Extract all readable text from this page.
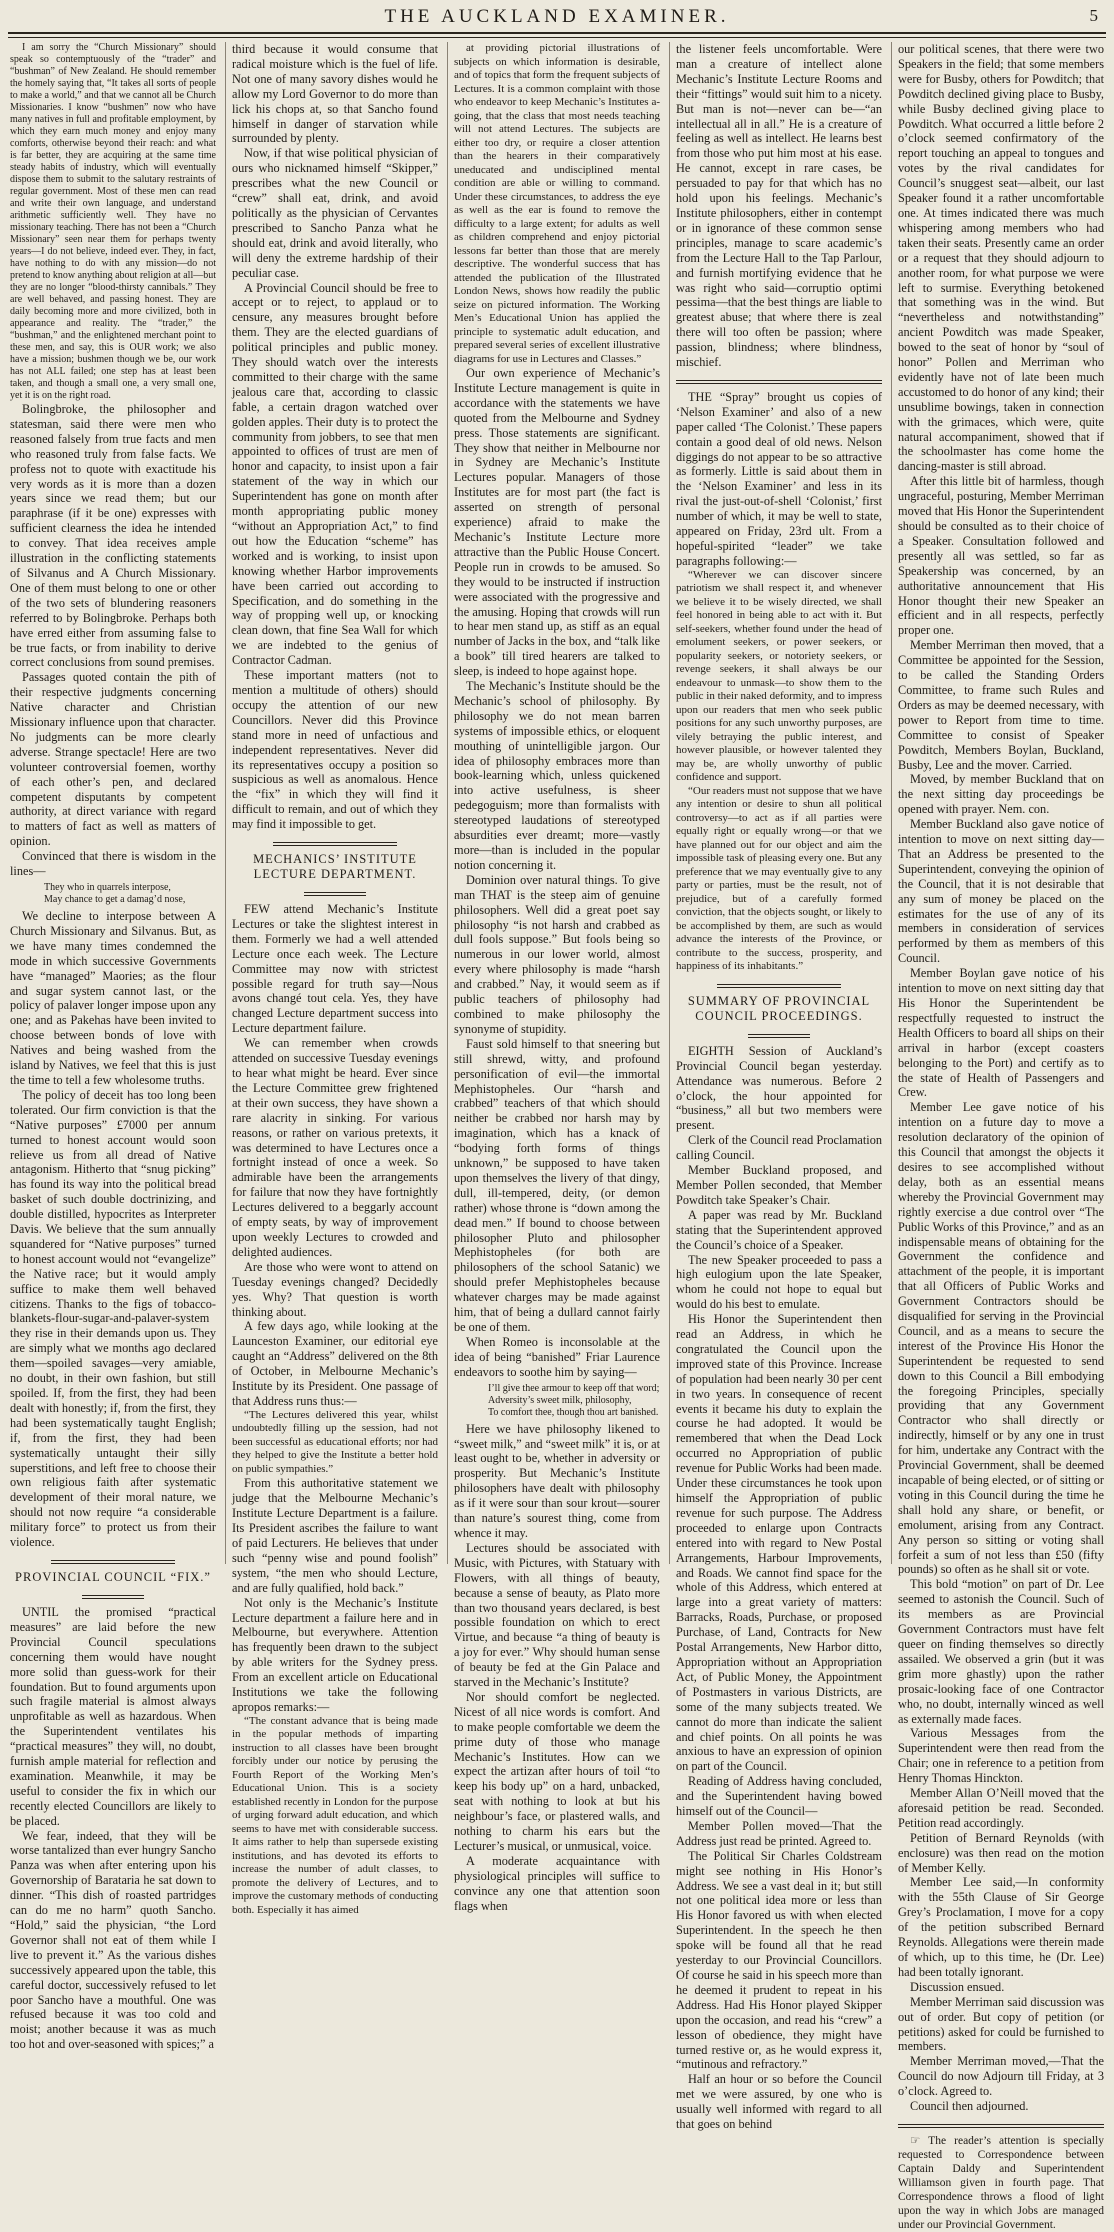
THE AUCKLAND EXAMINER.	5

I am sorry the “Church Missionary” should speak so contemptuously of the “trader” and “bushman” of New Zealand. He should remember the homely saying that, “It takes all sorts of people to make a world,” and that we cannot all be Church Missionaries. I know “bushmen” now who have many natives in full and profitable employment, by which they earn much money and enjoy many comforts, otherwise beyond their reach: and what is far better, they are acquiring at the same time steady habits of industry, which will eventually dispose them to submit to the salutary restraints of regular government. Most of these men can read and write their own language, and understand arithmetic sufficiently well. They have no missionary teaching. There has not been a “Church Missionary” seen near them for perhaps twenty years—I do not believe, indeed ever. They, in fact, have nothing to do with any mission—do not pretend to know anything about religion at all—but they are no longer “blood-thirsty cannibals.” They are well behaved, and passing honest. They are daily becoming more and more civilized, both in appearance and reality. The “trader,” the “bushman,” and the enlightened merchant point to these men, and say, this is OUR work; we also have a mission; bushmen though we be, our work has not ALL failed; one step has at least been taken, and though a small one, a very small one, yet it is on the right road.

Bolingbroke, the philosopher and statesman, said there were men who reasoned falsely from true facts and men who reasoned truly from false facts. We profess not to quote with exactitude his very words as it is more than a dozen years since we read them; but our paraphrase (if it be one) expresses with sufficient clearness the idea he intended to convey. That idea receives ample illustration in the conflicting statements of Silvanus and A Church Missionary. One of them must belong to one or other of the two sets of blundering reasoners referred to by Bolingbroke. Perhaps both have erred either from assuming false to be true facts, or from inability to derive correct conclusions from sound premises.

Passages quoted contain the pith of their respective judgments concerning Native character and Christian Missionary influence upon that character. No judgments can be more clearly adverse. Strange spectacle! Here are two volunteer controversial foemen, worthy of each other’s pen, and declared competent disputants by competent authority, at direct variance with regard to matters of fact as well as matters of opinion.

Convinced that there is wisdom in the lines—

They who in quarrels interpose,
May chance to get a damag’d nose,

We decline to interpose between A Church Missionary and Silvanus. But, as we have many times condemned the mode in which successive Governments have “managed” Maories; as the flour and sugar system cannot last, or the policy of palaver longer impose upon any one; and as Pakehas have been invited to choose between bonds of love with Natives and being washed from the island by Natives, we feel that this is just the time to tell a few wholesome truths.

The policy of deceit has too long been tolerated. Our firm conviction is that the “Native purposes” £7000 per annum turned to honest account would soon relieve us from all dread of Native antagonism. Hitherto that “snug picking” has found its way into the political bread basket of such double doctrinizing, and double distilled, hypocrites as Interpreter Davis. We believe that the sum annually squandered for “Native purposes” turned to honest account would not “evangelize” the Native race; but it would amply suffice to make them well behaved citizens. Thanks to the figs of tobacco-blankets-flour-sugar-and-palaver-system they rise in their demands upon us. They are simply what we months ago declared them—spoiled savages—very amiable, no doubt, in their own fashion, but still spoiled. If, from the first, they had been dealt with honestly; if, from the first, they had been systematically taught English; if, from the first, they had been systematically untaught their silly superstitions, and left free to choose their own religious faith after systematic development of their moral nature, we should not now require “a considerable military force” to protect us from their violence.

PROVINCIAL COUNCIL “FIX.”

UNTIL the promised “practical measures” are laid before the new Provincial Council speculations concerning them would have nought more solid than guess-work for their foundation. But to found arguments upon such fragile material is almost always unprofitable as well as hazardous. When the Superintendent ventilates his “practical measures” they will, no doubt, furnish ample material for reflection and examination. Meanwhile, it may be useful to consider the fix in which our recently elected Councillors are likely to be placed.

We fear, indeed, that they will be worse tantalized than ever hungry Sancho Panza was when after entering upon his Governorship of Barataria he sat down to dinner. “This dish of roasted partridges can do me no harm” quoth Sancho. “Hold,” said the physician, “the Lord Governor shall not eat of them while I live to prevent it.” As the various dishes successively appeared upon the table, this careful doctor, successively refused to let poor Sancho have a mouthful. One was refused because it was too cold and moist; another because it was as much too hot and over-seasoned with spices;” a

third because it would consume that radical moisture which is the fuel of life. Not one of many savory dishes would he allow my Lord Governor to do more than lick his chops at, so that Sancho found himself in danger of starvation while surrounded by plenty.

Now, if that wise political physician of ours who nicknamed himself “Skipper,” prescribes what the new Council or “crew” shall eat, drink, and avoid politically as the physician of Cervantes prescribed to Sancho Panza what he should eat, drink and avoid literally, who will deny the extreme hardship of their peculiar case.

A Provincial Council should be free to accept or to reject, to applaud or to censure, any measures brought before them. They are the elected guardians of political principles and public money. They should watch over the interests committed to their charge with the same jealous care that, according to classic fable, a certain dragon watched over golden apples. Their duty is to protect the community from jobbers, to see that men appointed to offices of trust are men of honor and capacity, to insist upon a fair statement of the way in which our Superintendent has gone on month after month appropriating public money “without an Appropriation Act,” to find out how the Education “scheme” has worked and is working, to insist upon knowing whether Harbor improvements have been carried out according to Specification, and do something in the way of propping well up, or knocking clean down, that fine Sea Wall for which we are indebted to the genius of Contractor Cadman.

These important matters (not to mention a multitude of others) should occupy the attention of our new Councillors. Never did this Province stand more in need of unfactious and independent representatives. Never did its representatives occupy a position so suspicious as well as anomalous. Hence the “fix” in which they will find it difficult to remain, and out of which they may find it impossible to get.

MECHANICS’ INSTITUTE LECTURE DEPARTMENT.

FEW attend Mechanic’s Institute Lectures or take the slightest interest in them. Formerly we had a well attended Lecture once each week. The Lecture Committee may now with strictest possible regard for truth say—Nous avons changé tout cela. Yes, they have changed Lecture department success into Lecture department failure.

We can remember when crowds attended on successive Tuesday evenings to hear what might be heard. Ever since the Lecture Committee grew frightened at their own success, they have shown a rare alacrity in sinking. For various reasons, or rather on various pretexts, it was determined to have Lectures once a fortnight instead of once a week. So admirable have been the arrangements for failure that now they have fortnightly Lectures delivered to a beggarly account of empty seats, by way of improvement upon weekly Lectures to crowded and delighted audiences.

Are those who were wont to attend on Tuesday evenings changed? Decidedly yes. Why? That question is worth thinking about.

A few days ago, while looking at the Launceston Examiner, our editorial eye caught an “Address” delivered on the 8th of October, in Melbourne Mechanic’s Institute by its President. One passage of that Address runs thus:—

“The Lectures delivered this year, whilst undoubtedly filling up the session, had not been successful as educational efforts; nor had they helped to give the Institute a better hold on public sympathies.”

From this authoritative statement we judge that the Melbourne Mechanic’s Institute Lecture Department is a failure. Its President ascribes the failure to want of paid Lecturers. He believes that under such “penny wise and pound foolish” system, “the men who should Lecture, and are fully qualified, hold back.”

Not only is the Mechanic’s Institute Lecture department a failure here and in Melbourne, but everywhere. Attention has frequently been drawn to the subject by able writers for the Sydney press. From an excellent article on Educational Institutions we take the following apropos remarks:—

“The constant advance that is being made in the popular methods of imparting instruction to all classes have been brought forcibly under our notice by perusing the Fourth Report of the Working Men’s Educational Union. This is a society established recently in London for the purpose of urging forward adult education, and which seems to have met with considerable success. It aims rather to help than supersede existing institutions, and has devoted its efforts to increase the number of adult classes, to promote the delivery of Lectures, and to improve the customary methods of conducting both. Especially it has aimed

at providing pictorial illustrations of subjects on which information is desirable, and of topics that form the frequent subjects of Lectures. It is a common complaint with those who endeavor to keep Mechanic’s Institutes a-going, that the class that most needs teaching will not attend Lectures. The subjects are either too dry, or require a closer attention than the hearers in their comparatively uneducated and undisciplined mental condition are able or willing to command. Under these circumstances, to address the eye as well as the ear is found to remove the difficulty to a large extent; for adults as well as children comprehend and enjoy pictorial lessons far better than those that are merely descriptive. The wonderful success that has attended the publication of the Illustrated London News, shows how readily the public seize on pictured information. The Working Men’s Educational Union has applied the principle to systematic adult education, and prepared several series of excellent illustrative diagrams for use in Lectures and Classes.”

Our own experience of Mechanic’s Institute Lecture management is quite in accordance with the statements we have quoted from the Melbourne and Sydney press. Those statements are significant. They show that neither in Melbourne nor in Sydney are Mechanic’s Institute Lectures popular. Managers of those Institutes are for most part (the fact is asserted on strength of personal experience) afraid to make the Mechanic’s Institute Lecture more attractive than the Public House Concert. People run in crowds to be amused. So they would to be instructed if instruction were associated with the progressive and the amusing. Hoping that crowds will run to hear men stand up, as stiff as an equal number of Jacks in the box, and “talk like a book” till tired hearers are talked to sleep, is indeed to hope against hope.

The Mechanic’s Institute should be the Mechanic’s school of philosophy. By philosophy we do not mean barren systems of impossible ethics, or eloquent mouthing of unintelligible jargon. Our idea of philosophy embraces more than book-learning which, unless quickened into active usefulness, is sheer pedegoguism; more than formalists with stereotyped laudations of stereotyped absurdities ever dreamt; more—vastly more—than is included in the popular notion concerning it.

Dominion over natural things. To give man THAT is the steep aim of genuine philosophers. Well did a great poet say philosophy “is not harsh and crabbed as dull fools suppose.” But fools being so numerous in our lower world, almost every where philosophy is made “harsh and crabbed.” Nay, it would seem as if public teachers of philosophy had combined to make philosophy the synonyme of stupidity.

Faust sold himself to that sneering but still shrewd, witty, and profound personification of evil—the immortal Mephistopheles. Our “harsh and crabbed” teachers of that which should neither be crabbed nor harsh may by imagination, which has a knack of “bodying forth forms of things unknown,” be supposed to have taken upon themselves the livery of that dingy, dull, ill-tempered, deity, (or demon rather) whose throne is “down among the dead men.” If bound to choose between philosopher Pluto and philosopher Mephistopheles (for both are philosophers of the school Satanic) we should prefer Mephistopheles because whatever charges may be made against him, that of being a dullard cannot fairly be one of them.

When Romeo is inconsolable at the idea of being “banished” Friar Laurence endeavors to soothe him by saying—

I’ll give thee armour to keep off that word;
Adversity’s sweet milk, philosophy,
To comfort thee, though thou art banished.

Here we have philosophy likened to “sweet milk,” and “sweet milk” it is, or at least ought to be, whether in adversity or prosperity. But Mechanic’s Institute philosophers have dealt with philosophy as if it were sour than sour krout—sourer than nature’s sourest thing, come from whence it may.

Lectures should be associated with Music, with Pictures, with Statuary with Flowers, with all things of beauty, because a sense of beauty, as Plato more than two thousand years declared, is best possible foundation on which to erect Virtue, and because “a thing of beauty is a joy for ever.” Why should human sense of beauty be fed at the Gin Palace and starved in the Mechanic’s Institute?

Nor should comfort be neglected. Nicest of all nice words is comfort. And to make people comfortable we deem the prime duty of those who manage Mechanic’s Institutes. How can we expect the artizan after hours of toil “to keep his body up” on a hard, unbacked, seat with nothing to look at but his neighbour’s face, or plastered walls, and nothing to charm his ears but the Lecturer’s musical, or unmusical, voice.

A moderate acquaintance with physiological principles will suffice to convince any one that attention soon flags when

the listener feels uncomfortable. Were man a creature of intellect alone Mechanic’s Institute Lecture Rooms and their “fittings” would suit him to a nicety. But man is not—never can be—“an intellectual all in all.” He is a creature of feeling as well as intellect. He learns best from those who put him most at his ease. He cannot, except in rare cases, be persuaded to pay for that which has no hold upon his feelings. Mechanic’s Institute philosophers, either in contempt or in ignorance of these common sense principles, manage to scare academic’s from the Lecture Hall to the Tap Parlour, and furnish mortifying evidence that he was right who said—corruptio optimi pessima—that the best things are liable to greatest abuse; that where there is zeal there will too often be passion; where passion, blindness; where blindness, mischief.

THE “Spray” brought us copies of ‘Nelson Examiner’ and also of a new paper called ‘The Colonist.’ These papers contain a good deal of old news. Nelson diggings do not appear to be so attractive as formerly. Little is said about them in the ‘Nelson Examiner’ and less in its rival the just-out-of-shell ‘Colonist,’ first number of which, it may be well to state, appeared on Friday, 23rd ult. From a hopeful-spirited “leader” we take paragraphs following:—

“Wherever we can discover sincere patriotism we shall respect it, and whenever we believe it to be wisely directed, we shall feel honored in being able to act with it. But self-seekers, whether found under the head of emolument seekers, or power seekers, or popularity seekers, or notoriety seekers, or revenge seekers, it shall always be our endeavour to unmask—to show them to the public in their naked deformity, and to impress upon our readers that men who seek public positions for any such unworthy purposes, are vilely betraying the public interest, and however plausible, or however talented they may be, are wholly unworthy of public confidence and support.

“Our readers must not suppose that we have any intention or desire to shun all political controversy—to act as if all parties were equally right or equally wrong—or that we have planned out for our object and aim the impossible task of pleasing every one. But any preference that we may eventually give to any party or parties, must be the result, not of prejudice, but of a carefully formed conviction, that the objects sought, or likely to be accomplished by them, are such as would advance the interests of the Province, or contribute to the success, prosperity, and happiness of its inhabitants.”

SUMMARY OF PROVINCIAL COUNCIL PROCEEDINGS.

EIGHTH Session of Auckland’s Provincial Council began yesterday. Attendance was numerous. Before 2 o’clock, the hour appointed for “business,” all but two members were present.

Clerk of the Council read Proclamation calling Council.

Member Buckland proposed, and Member Pollen seconded, that Member Powditch take Speaker’s Chair.

A paper was read by Mr. Buckland stating that the Superintendent approved the Council’s choice of a Speaker.

The new Speaker proceeded to pass a high eulogium upon the late Speaker, whom he could not hope to equal but would do his best to emulate.

His Honor the Superintendent then read an Address, in which he congratulated the Council upon the improved state of this Province. Increase of population had been nearly 30 per cent in two years. In consequence of recent events it became his duty to explain the course he had adopted. It would be remembered that when the Dead Lock occurred no Appropriation of public revenue for Public Works had been made. Under these circumstances he took upon himself the Appropriation of public revenue for such purpose. The Address proceeded to enlarge upon Contracts entered into with regard to New Postal Arrangements, Harbour Improvements, and Roads. We cannot find space for the whole of this Address, which entered at large into a great variety of matters: Barracks, Roads, Purchase, or proposed Purchase, of Land, Contracts for New Postal Arrangements, New Harbor ditto, Appropriation without an Appropriation Act, of Public Money, the Appointment of Postmasters in various Districts, are some of the many subjects treated. We cannot do more than indicate the salient and chief points. On all points he was anxious to have an expression of opinion on part of the Council.

Reading of Address having concluded, and the Superintendent having bowed himself out of the Council—

Member Pollen moved—That the Address just read be printed. Agreed to.

The Political Sir Charles Coldstream might see nothing in His Honor’s Address. We see a vast deal in it; but still not one political idea more or less than His Honor favored us with when elected Superintendent. In the speech he then spoke will be found all that he read yesterday to our Provincial Councillors. Of course he said in his speech more than he deemed it prudent to repeat in his Address. Had His Honor played Skipper upon the occasion, and read his “crew” a lesson of obedience, they might have turned restive or, as he would express it, “mutinous and refractory.”

Half an hour or so before the Council met we were assured, by one who is usually well informed with regard to all that goes on behind

our political scenes, that there were two Speakers in the field; that some members were for Busby, others for Powditch; that Powditch declined giving place to Busby, while Busby declined giving place to Powditch. What occurred a little before 2 o’clock seemed confirmatory of the report touching an appeal to tongues and votes by the rival candidates for Council’s snuggest seat—albeit, our last Speaker found it a rather uncomfortable one. At times indicated there was much whispering among members who had taken their seats. Presently came an order or a request that they should adjourn to another room, for what purpose we were left to surmise. Everything betokened that something was in the wind. But “nevertheless and notwithstanding” ancient Powditch was made Speaker, bowed to the seat of honor by “soul of honor” Pollen and Merriman who evidently have not of late been much accustomed to do honor of any kind; their unsublime bowings, taken in connection with the grimaces, which were, quite natural accompaniment, showed that if the schoolmaster has come home the dancing-master is still abroad.

After this little bit of harmless, though ungraceful, posturing, Member Merriman moved that His Honor the Superintendent should be consulted as to their choice of a Speaker. Consultation followed and presently all was settled, so far as Speakership was concerned, by an authoritative announcement that His Honor thought their new Speaker an efficient and in all respects, perfectly proper one.

Member Merriman then moved, that a Committee be appointed for the Session, to be called the Standing Orders Committee, to frame such Rules and Orders as may be deemed necessary, with power to Report from time to time. Committee to consist of Speaker Powditch, Members Boylan, Buckland, Busby, Lee and the mover. Carried.

Moved, by member Buckland that on the next sitting day proceedings be opened with prayer. Nem. con.

Member Buckland also gave notice of intention to move on next sitting day—That an Address be presented to the Superintendent, conveying the opinion of the Council, that it is not desirable that any sum of money be placed on the estimates for the use of any of its members in consideration of services performed by them as members of this Council.

Member Boylan gave notice of his intention to move on next sitting day that His Honor the Superintendent be respectfully requested to instruct the Health Officers to board all ships on their arrival in harbor (except coasters belonging to the Port) and certify as to the state of Health of Passengers and Crew.

Member Lee gave notice of his intention on a future day to move a resolution declaratory of the opinion of this Council that amongst the objects it desires to see accomplished without delay, both as an essential means whereby the Provincial Government may rightly exercise a due control over “The Public Works of this Province,” and as an indispensable means of obtaining for the Government the confidence and attachment of the people, it is important that all Officers of Public Works and Government Contractors should be disqualified for serving in the Provincial Council, and as a means to secure the interest of the Province His Honor the Superintendent be requested to send down to this Council a Bill embodying the foregoing Principles, specially providing that any Government Contractor who shall directly or indirectly, himself or by any one in trust for him, undertake any Contract with the Provincial Government, shall be deemed incapable of being elected, or of sitting or voting in this Council during the time he shall hold any share, or benefit, or emolument, arising from any Contract. Any person so sitting or voting shall forfeit a sum of not less than £50 (fifty pounds) so often as he shall sit or vote.

This bold “motion” on part of Dr. Lee seemed to astonish the Council. Such of its members as are Provincial Government Contractors must have felt queer on finding themselves so directly assailed. We observed a grin (but it was grim more ghastly) upon the rather prosaic-looking face of one Contractor who, no doubt, internally winced as well as externally made faces.

Various Messages from the Superintendent were then read from the Chair; one in reference to a petition from Henry Thomas Hinckton.

Member Allan O’Neill moved that the aforesaid petition be read. Seconded. Petition read accordingly.

Petition of Bernard Reynolds (with enclosure) was then read on the motion of Member Kelly.

Member Lee said,—In conformity with the 55th Clause of Sir George Grey’s Proclamation, I move for a copy of the petition subscribed Bernard Reynolds. Allegations were therein made of which, up to this time, he (Dr. Lee) had been totally ignorant.

Discussion ensued.

Member Merriman said discussion was out of order. But copy of petition (or petitions) asked for could be furnished to members.

Member Merriman moved,—That the Council do now Adjourn till Friday, at 3 o’clock. Agreed to.

Council then adjourned.

☞ The reader’s attention is specially requested to Correspondence between Captain Daldy and Superintendent Williamson given in fourth page. That Correspondence throws a flood of light upon the way in which Jobs are managed under our Provincial Government.
